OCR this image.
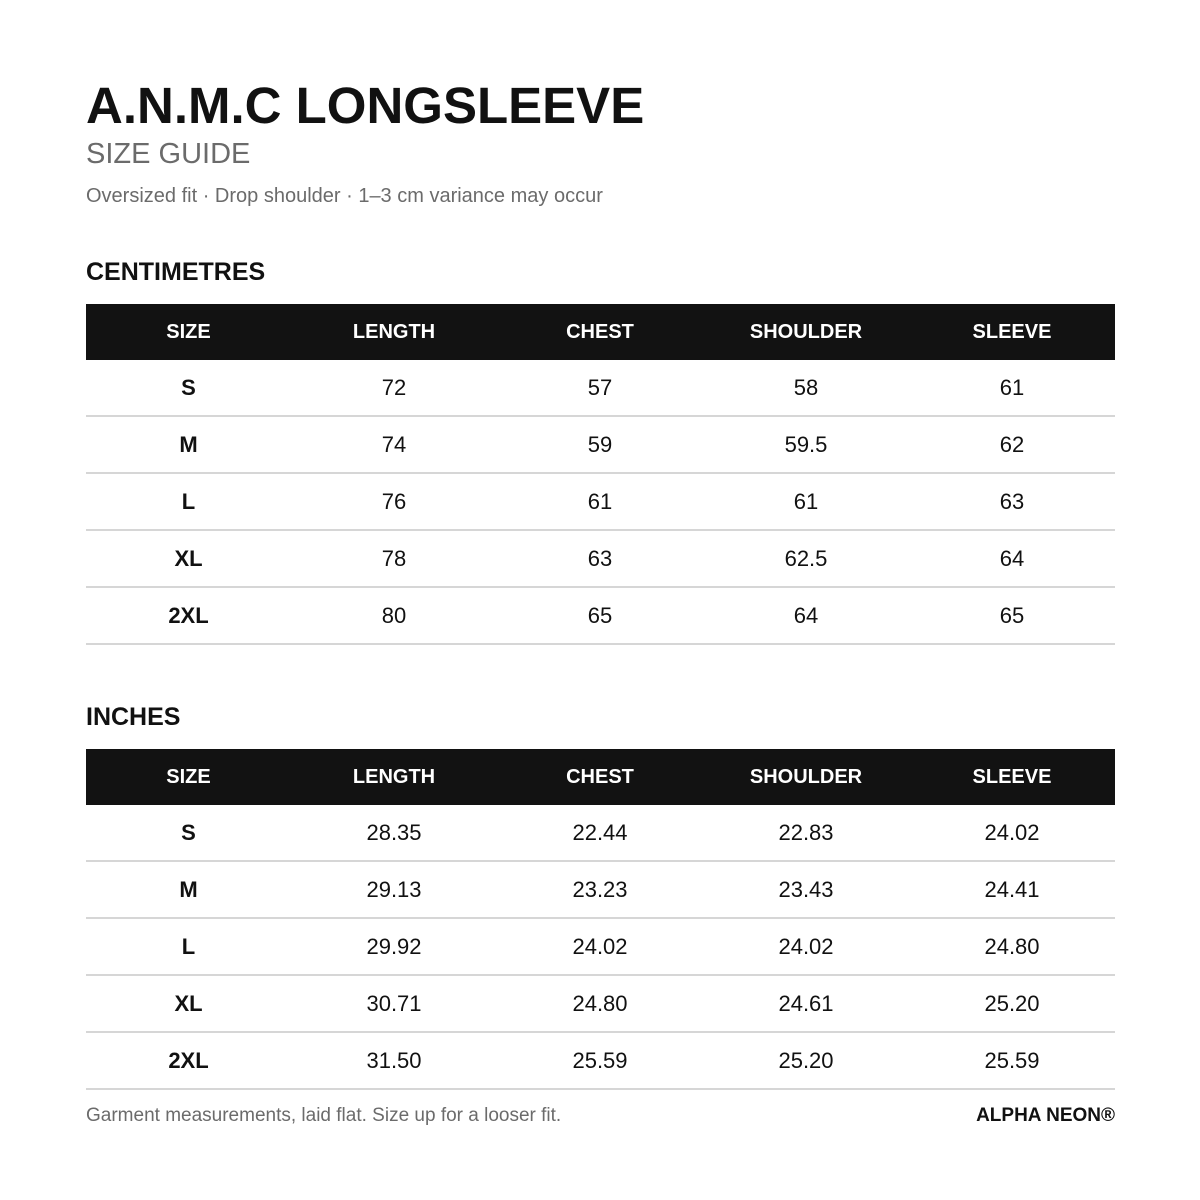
A.N.M.C LONGSLEEVE
SIZE GUIDE
Oversized fit · Drop shoulder · 1–3 cm variance may occur
CENTIMETRES
SIZE	LENGTH	CHEST	SHOULDER	SLEEVE
S	72	57	58	61
M	74	59	59.5	62
L	76	61	61	63
XL	78	63	62.5	64
2XL	80	65	64	65
INCHES
SIZE	LENGTH	CHEST	SHOULDER	SLEEVE
S	28.35	22.44	22.83	24.02
M	29.13	23.23	23.43	24.41
L	29.92	24.02	24.02	24.80
XL	30.71	24.80	24.61	25.20
2XL	31.50	25.59	25.20	25.59
Garment measurements, laid flat. Size up for a looser fit.	ALPHA NEON®
